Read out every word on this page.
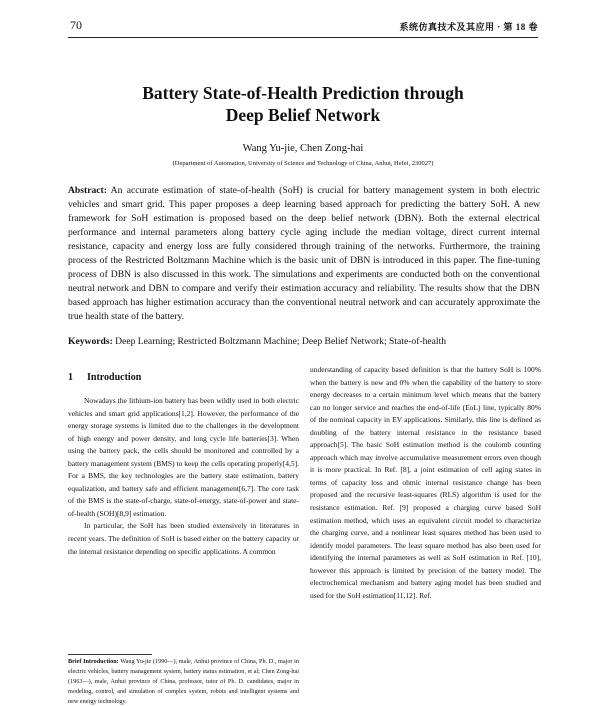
70	系统仿真技术及其应用 · 第 18 卷
Battery State-of-Health Prediction through
Deep Belief Network
Wang Yu-jie, Chen Zong-hai
(Department of Automation, University of Science and Technology of China, Anhui, Hefei, 230027)
Abstract: An accurate estimation of state-of-health (SoH) is crucial for battery management system in both electric vehicles and smart grid. This paper proposes a deep learning based approach for predicting the battery SoH. A new framework for SoH estimation is proposed based on the deep belief network (DBN). Both the external electrical performance and internal parameters along battery cycle aging include the median voltage, direct current internal resistance, capacity and energy loss are fully considered through training of the networks. Furthermore, the training process of the Restricted Boltzmann Machine which is the basic unit of DBN is introduced in this paper. The fine-tuning process of DBN is also discussed in this work. The simulations and experiments are conducted both on the conventional neutral network and DBN to compare and verify their estimation accuracy and reliability. The results show that the DBN based approach has higher estimation accuracy than the conventional neutral network and can accurately approximate the true health state of the battery.
Keywords: Deep Learning; Restricted Boltzmann Machine; Deep Belief Network; State-of-health
1 Introduction

Nowadays the lithium-ion battery has been wildly used in both electric vehicles and smart grid applications[1,2]. However, the performance of the energy storage systems is limited due to the challenges in the development of high energy and power density, and long cycle life batteries[3]. When using the battery pack, the cells should be monitored and controlled by a battery management system (BMS) to keep the cells operating properly[4,5]. For a BMS, the key technologies are the battery state estimation, battery equalization, and battery safe and efficient management[6,7]. The core task of the BMS is the state-of-charge, state-of-energy, state-of-power and state-of-health (SOH)[8,9] estimation.

In particular, the SoH has been studied extensively in literatures in recent years. The definition of SoH is based either on the battery capacity or the internal resistance depending on specific applications. A common

understanding of capacity based definition is that the battery SoH is 100% when the battery is new and 0% when the capability of the battery to store energy decreases to a certain minimum level which means that the battery can no longer service and reaches the end-of-life (EoL) line, typically 80% of the nominal capacity in EV applications. Similarly, this line is defined as doubling of the battery internal resistance in the resistance based approach[5]. The basic SoH estimation method is the coulomb counting approach which may involve accumulative measurement errors even though it is more practical. In Ref. [8], a joint estimation of cell aging states in terms of capacity loss and ohmic internal resistance change has been proposed and the recursive least-squares (RLS) algorithm is used for the resistance estimation. Ref. [9] proposed a charging curve based SoH estimation method, which uses an equivalent circuit model to characterize the charging curve, and a nonlinear least squares method has been used to identify model parameters. The least square method has also been used for identifying the internal parameters as well as SoH estimation in Ref. [10], however this approach is limited by precision of the battery model. The electrochemical mechanism and battery aging model has been studied and used for the SoH estimation[11,12]. Ref.

Brief Introduction: Wang Yu-jie (1990—), male, Anhui province of China, Ph. D., major in electric vehicles, battery management system, battery status estimation, et al; Chen Zong-hai (1963—), male, Anhui province of China, professor, tutor of Ph. D. candidates, major in modeling, control, and simulation of complex system, robots and intelligent systems and new energy technology.
